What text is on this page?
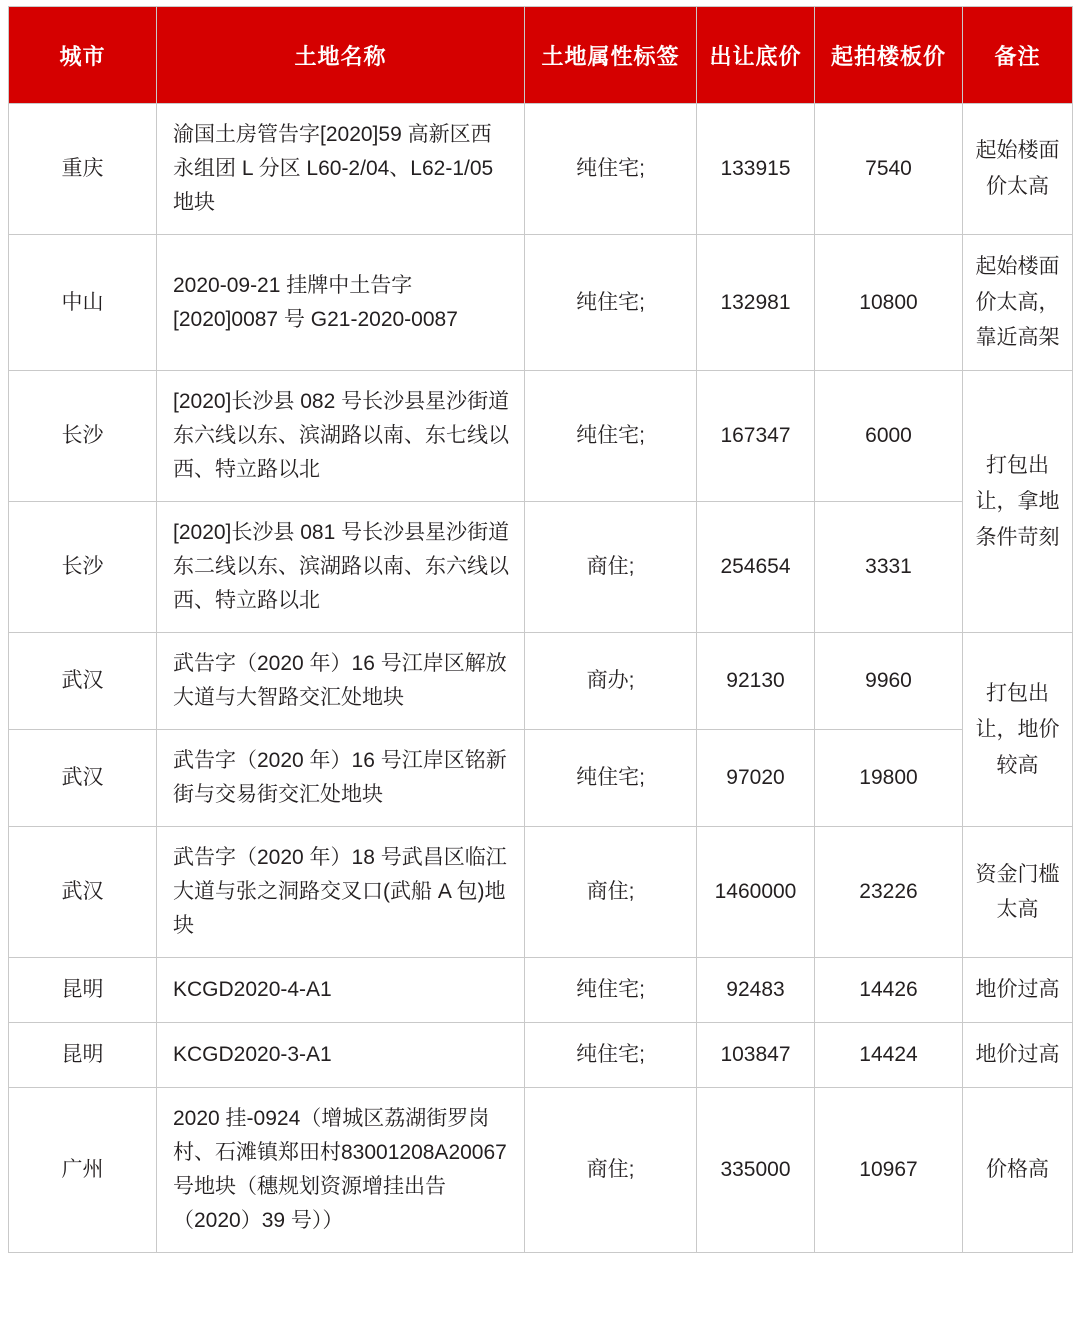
城市	土地名称	土地属性标签	出让底价	起拍楼板价	备注
重庆	渝国土房管告字[2020]59 高新区西永组团 L 分区 L60-2/04、L62-1/05 地块	纯住宅;	133915	7540	起始楼面价太高
中山	2020-09-21 挂牌中土告字[2020]0087 号 G21-2020-0087	纯住宅;	132981	10800	起始楼面价太高，靠近高架
长沙	[2020]长沙县 082 号长沙县星沙街道东六线以东、滨湖路以南、东七线以西、特立路以北	纯住宅;	167347	6000	打包出让，拿地条件苛刻
长沙	[2020]长沙县 081 号长沙县星沙街道东二线以东、滨湖路以南、东六线以西、特立路以北	商住;	254654	3331	
武汉	武告字（2020 年）16 号江岸区解放大道与大智路交汇处地块	商办;	92130	9960	打包出让，地价较高
武汉	武告字（2020 年）16 号江岸区铭新街与交易街交汇处地块	纯住宅;	97020	19800	
武汉	武告字（2020 年）18 号武昌区临江大道与张之洞路交叉口(武船 A 包)地块	商住;	1460000	23226	资金门槛太高
昆明	KCGD2020-4-A1	纯住宅;	92483	14426	地价过高
昆明	KCGD2020-3-A1	纯住宅;	103847	14424	地价过高
广州	2020 挂-0924（增城区荔湖街罗岗村、石滩镇郑田村83001208A20067 号地块（穗规划资源增挂出告（2020）39 号））	商住;	335000	10967	价格高
